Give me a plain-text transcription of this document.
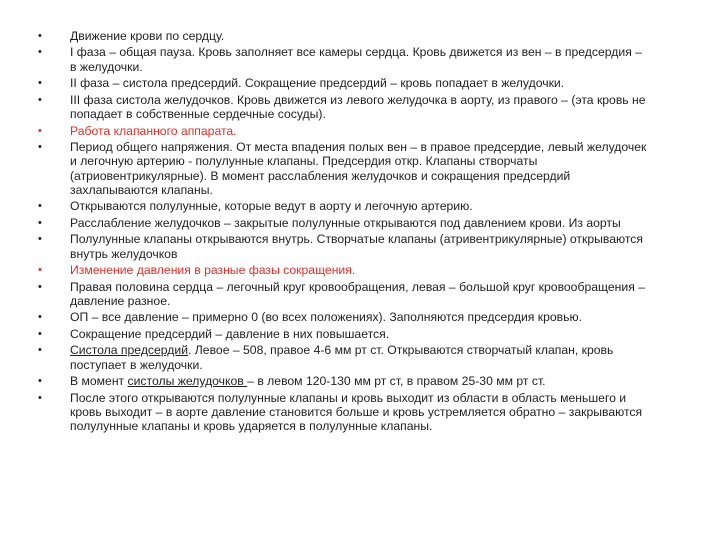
•	Движение крови по сердцу.
•	I фаза – общая пауза. Кровь заполняет все камеры сердца. Кровь движется из вен – в предсердия – в желудочки.
•	II фаза – систола предсердий. Сокращение предсердий – кровь попадает в желудочки.
•	III фаза систола желудочков. Кровь движется из левого желудочка в аорту, из правого – (эта кровь не попадает в собственные сердечные сосуды).
•	Работа клапанного аппарата.
•	Период общего напряжения. От места впадения полых вен – в правое предсердие, левый желудочек и легочную артерию - полулунные клапаны. Предсердия откр. Клапаны створчаты (атриовентрикулярные). В момент расслабления желудочков и сокращения предсердий захлапываются клапаны.
•	Открываются полулунные, которые ведут в аорту и легочную артерию.
•	Расслабление желудочков – закрытые полулунные открываются под давлением крови. Из аорты
•	Полулунные клапаны открываются внутрь. Створчатые клапаны (атривентрикулярные) открываются внутрь желудочков
•	Изменение давления в разные фазы сокращения.
•	Правая половина сердца – легочный круг кровообращения, левая – большой круг кровообращения – давление разное.
•	ОП – все давление – примерно 0 (во всех положениях). Заполняются предсердия кровью.
•	Сокращение предсердий – давление в них повышается.
•	Систола предсердий. Левое – 508, правое 4-6 мм рт ст. Открываются створчатый клапан, кровь поступает в желудочки.
•	В момент систолы желудочков – в левом 120-130 мм рт ст, в правом 25-30 мм рт ст.
•	После этого открываются полулунные клапаны и кровь выходит из области в область меньшего и кровь выходит – в аорте давление становится больше и кровь устремляется обратно – закрываются полулунные клапаны и кровь ударяется в полулунные клапаны.
